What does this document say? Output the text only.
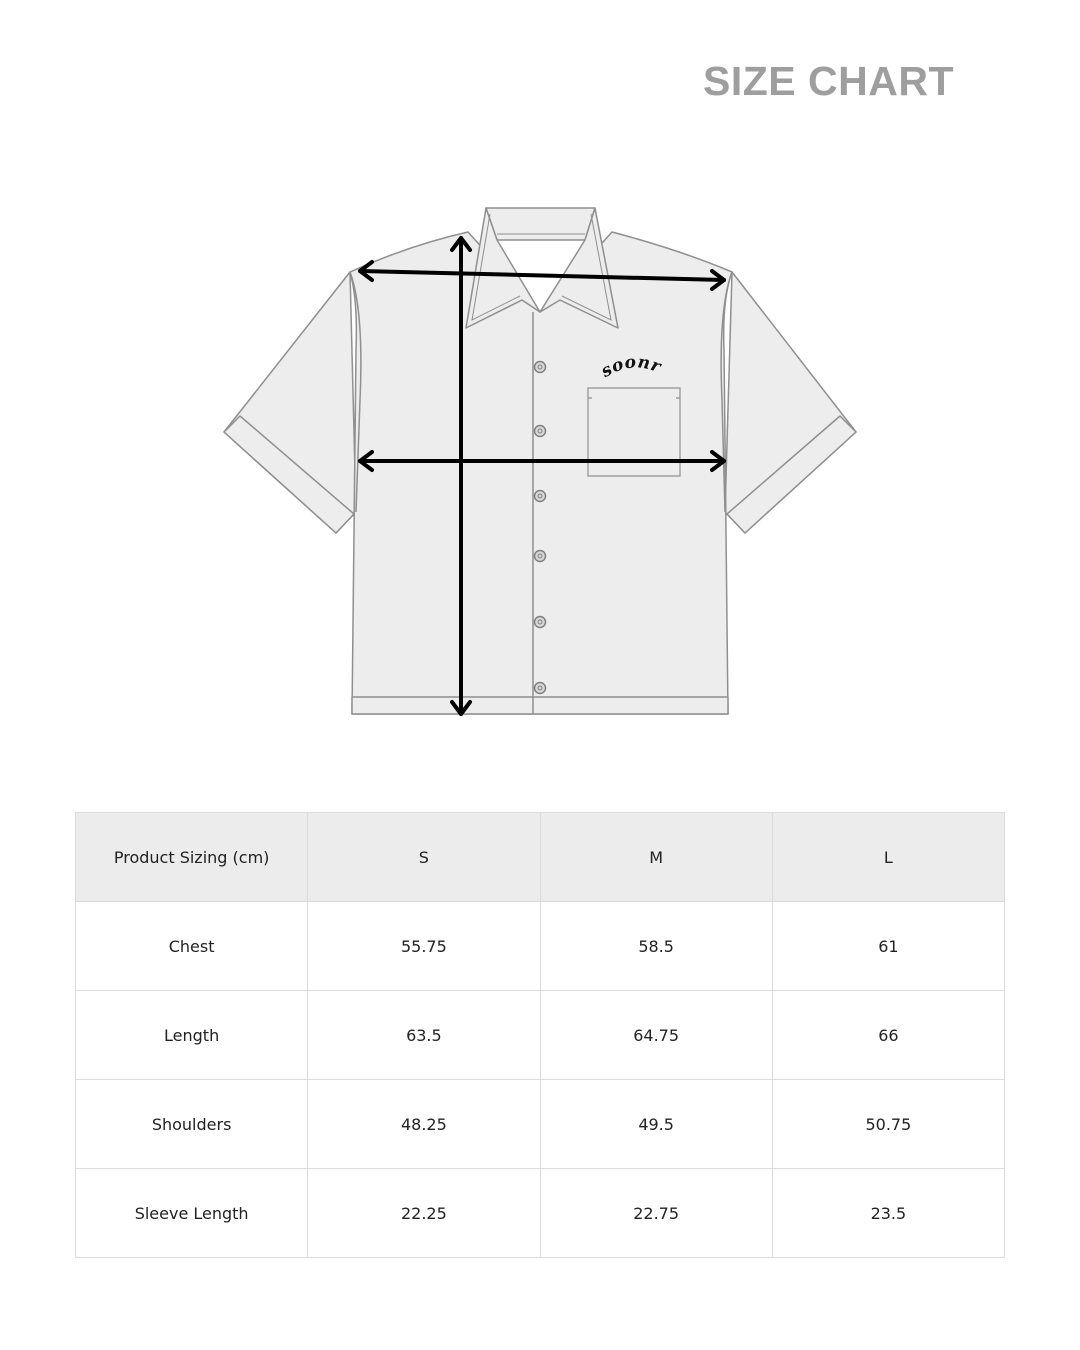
SIZE CHART
soonr
Product Sizing (cm)	S	M	L
Chest	55.75	58.5	61
Length	63.5	64.75	66
Shoulders	48.25	49.5	50.75
Sleeve Length	22.25	22.75	23.5
